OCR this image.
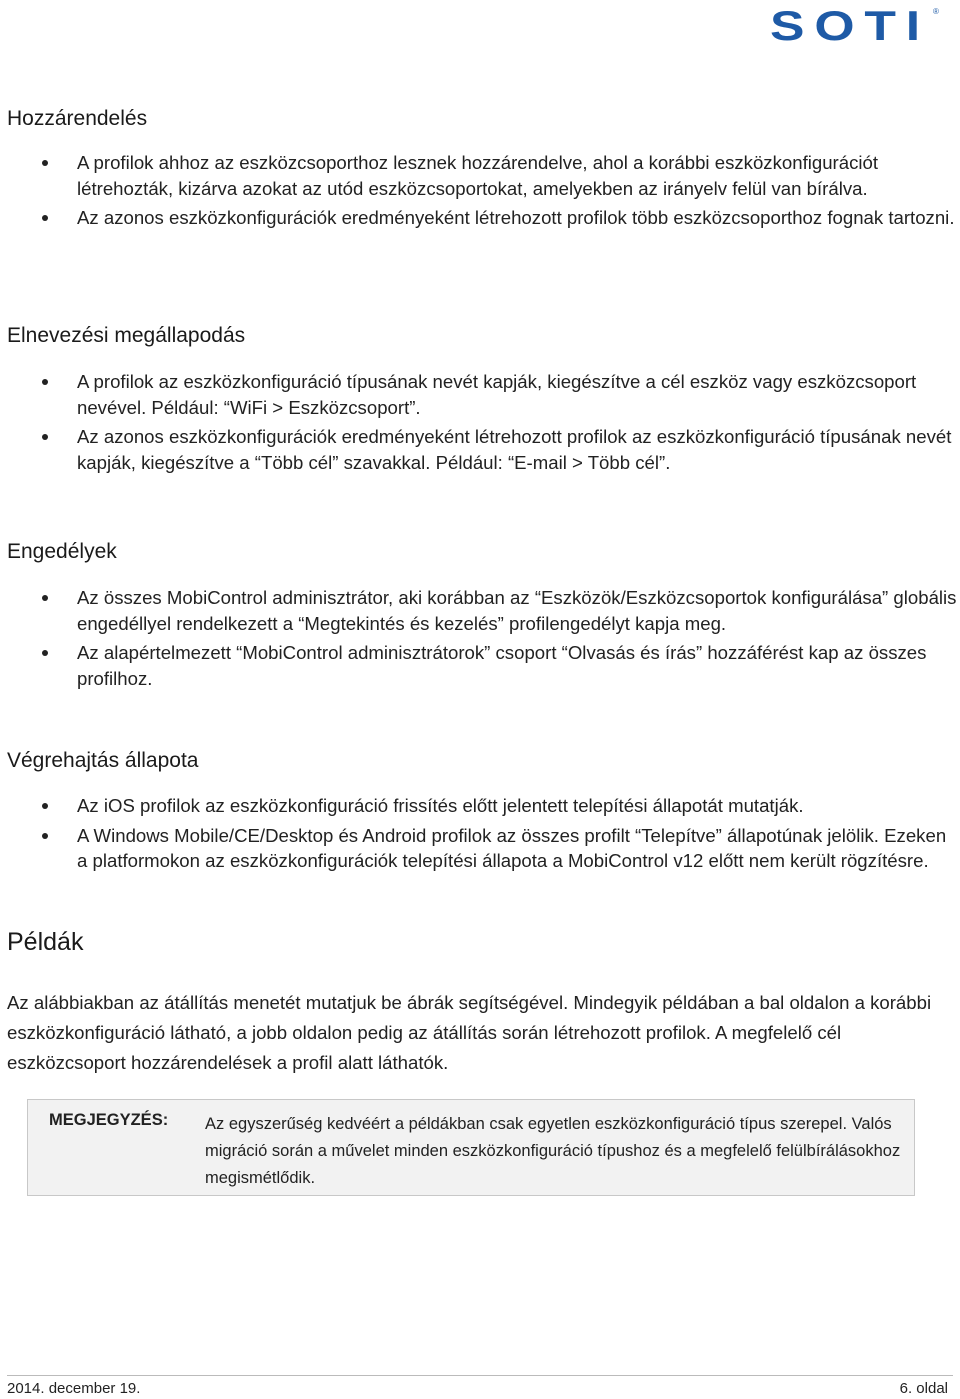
SOTI ®
Hozzárendelés
A profilok ahhoz az eszközcsoporthoz lesznek hozzárendelve, ahol a korábbi eszközkonfigurációt létrehozták, kizárva azokat az utód eszközcsoportokat, amelyekben az irányelv felül van bírálva.
Az azonos eszközkonfigurációk eredményeként létrehozott profilok több eszközcsoporthoz fognak tartozni.
Elnevezési megállapodás
A profilok az eszközkonfiguráció típusának nevét kapják, kiegészítve a cél eszköz vagy eszközcsoport nevével. Például: “WiFi > Eszközcsoport”.
Az azonos eszközkonfigurációk eredményeként létrehozott profilok az eszközkonfiguráció típusának nevét kapják, kiegészítve a “Több cél” szavakkal. Például: “E-mail > Több cél”.
Engedélyek
Az összes MobiControl adminisztrátor, aki korábban az “Eszközök/Eszközcsoportok konfigurálása” globális engedéllyel rendelkezett a “Megtekintés és kezelés” profilengedélyt kapja meg.
Az alapértelmezett “MobiControl adminisztrátorok” csoport “Olvasás és írás” hozzáférést kap az összes profilhoz.
Végrehajtás állapota
Az iOS profilok az eszközkonfiguráció frissítés előtt jelentett telepítési állapotát mutatják.
A Windows Mobile/CE/Desktop és Android profilok az összes profilt “Telepítve” állapotúnak jelölik. Ezeken a platformokon az eszközkonfigurációk telepítési állapota a MobiControl v12 előtt nem került rögzítésre.
Példák

Az alábbiakban az átállítás menetét mutatjuk be ábrák segítségével. Mindegyik példában a bal oldalon a korábbi eszközkonfiguráció látható, a jobb oldalon pedig az átállítás során létrehozott profilok. A megfelelő cél eszközcsoport hozzárendelések a profil alatt láthatók.

MEGJEGYZÉS: Az egyszerűség kedvéért a példákban csak egyetlen eszközkonfiguráció típus szerepel. Valós migráció során a művelet minden eszközkonfiguráció típushoz és a megfelelő felülbírálásokhoz megismétlődik.
2014. december 19.	6. oldal
